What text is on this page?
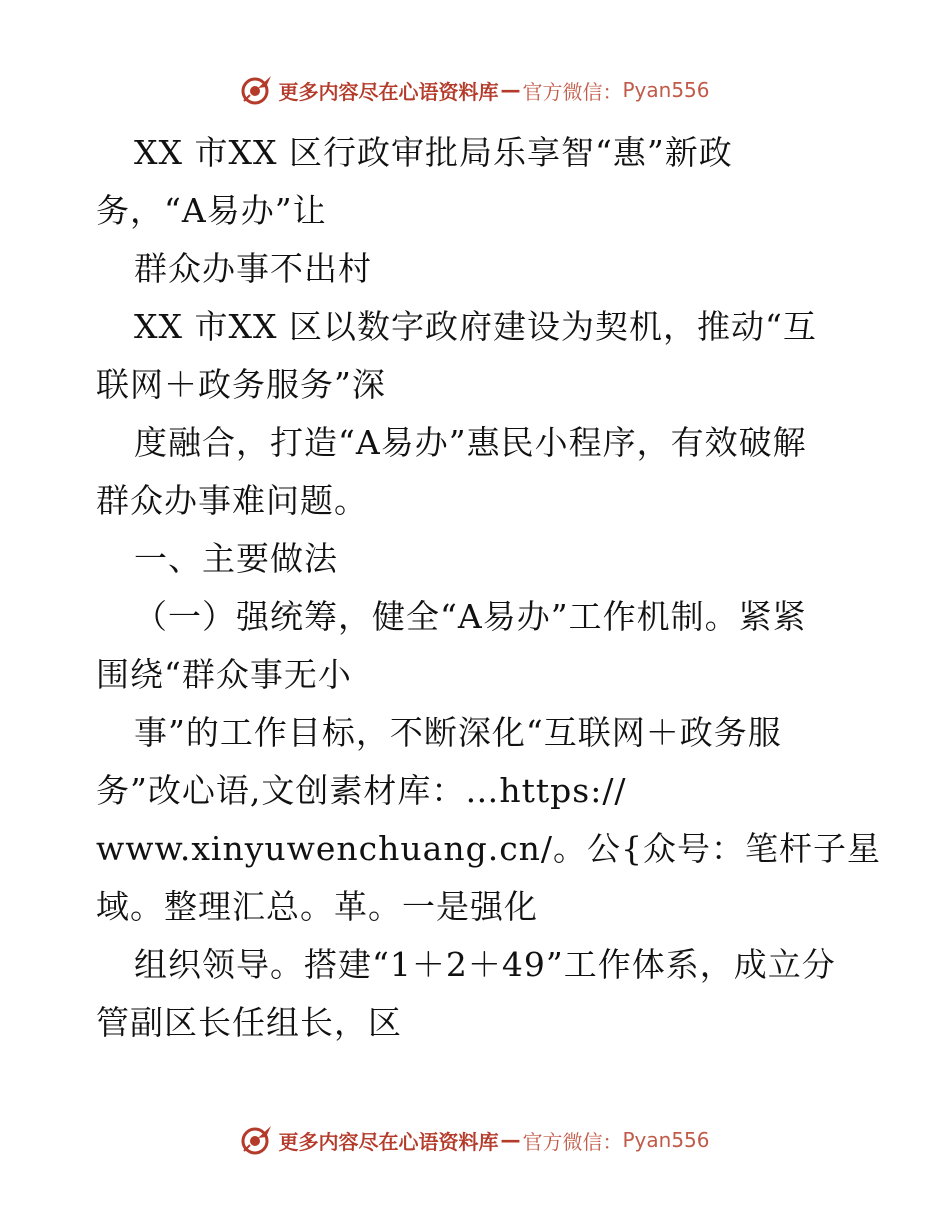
更多内容尽在心语资料库 — 官方微信： Pyan556
XX 市XX 区行政审批局乐享智“惠”新政
务，“A易办”让
群众办事不出村
XX 市XX 区以数字政府建设为契机，推动“互
联网＋政务服务”深
度融合，打造“A易办”惠民小程序，有效破解
群众办事难问题。
一、主要做法
（一）强统筹，健全“A易办”工作机制。紧紧
围绕“群众事无小
事”的工作目标，不断深化“互联网＋政务服
务”改心语,文创素材库：…https://
www.xinyuwenchuang.cn/。公{众号：笔杆子星
域。整理汇总。革。一是强化
组织领导。搭建“1＋2＋49”工作体系，成立分
管副区长任组长，区
更多内容尽在心语资料库 — 官方微信： Pyan556
